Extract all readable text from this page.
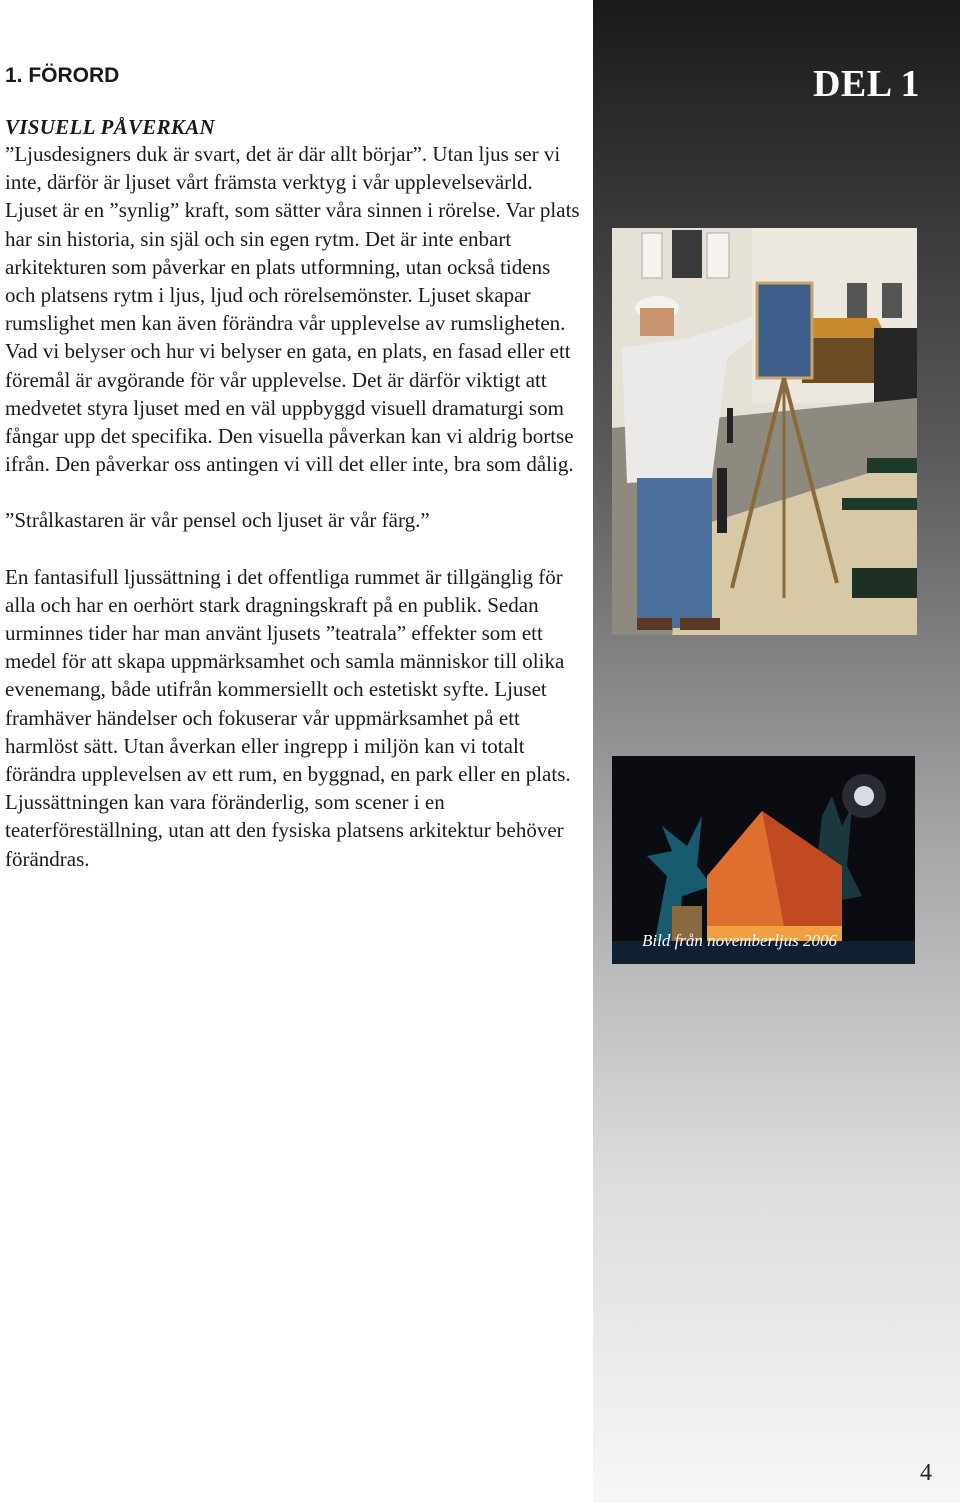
1. FÖRORD
VISUELL PÅVERKAN

”Ljusdesigners duk är svart, det är där allt börjar”. Utan ljus ser vi inte, därför är ljuset vårt främsta verktyg i vår upplevelsevärld. Ljuset är en ”synlig” kraft, som sätter våra sinnen i rörelse. Var plats har sin historia, sin själ och sin egen rytm. Det är inte enbart arkitekturen som påverkar en plats utformning, utan också tidens och platsens rytm i ljus, ljud och rörelsemönster. Ljuset skapar rumslighet men kan även förändra vår upplevelse av rumsligheten. Vad vi belyser och hur vi belyser en gata, en plats, en fasad eller ett föremål är avgörande för vår upplevelse. Det är därför viktigt att medvetet styra ljuset med en väl uppbyggd visuell dramaturgi som fångar upp det specifika. Den visuella påverkan kan vi aldrig bortse ifrån. Den påverkar oss antingen vi vill det eller inte, bra som dålig.

”Strålkastaren är vår pensel och ljuset är vår färg.”

En fantasifull ljussättning i det offentliga rummet är tillgänglig för alla och har en oerhört stark dragningskraft på en publik. Sedan urminnes tider har man använt ljusets ”teatrala” effekter som ett medel för att skapa uppmärksamhet och samla människor till olika evenemang, både utifrån kommersiellt och estetiskt syfte. Ljuset framhäver händelser och fokuserar vår uppmärksamhet på ett harmlöst sätt. Utan åverkan eller ingrepp i miljön kan vi totalt förändra upplevelsen av ett rum, en byggnad, en park eller en plats. Ljussättningen kan vara föränderlig, som scener i en teaterföreställning, utan att den fysiska platsens arkitektur behöver förändras.

DEL 1
Bild från novemberljus 2006
4
